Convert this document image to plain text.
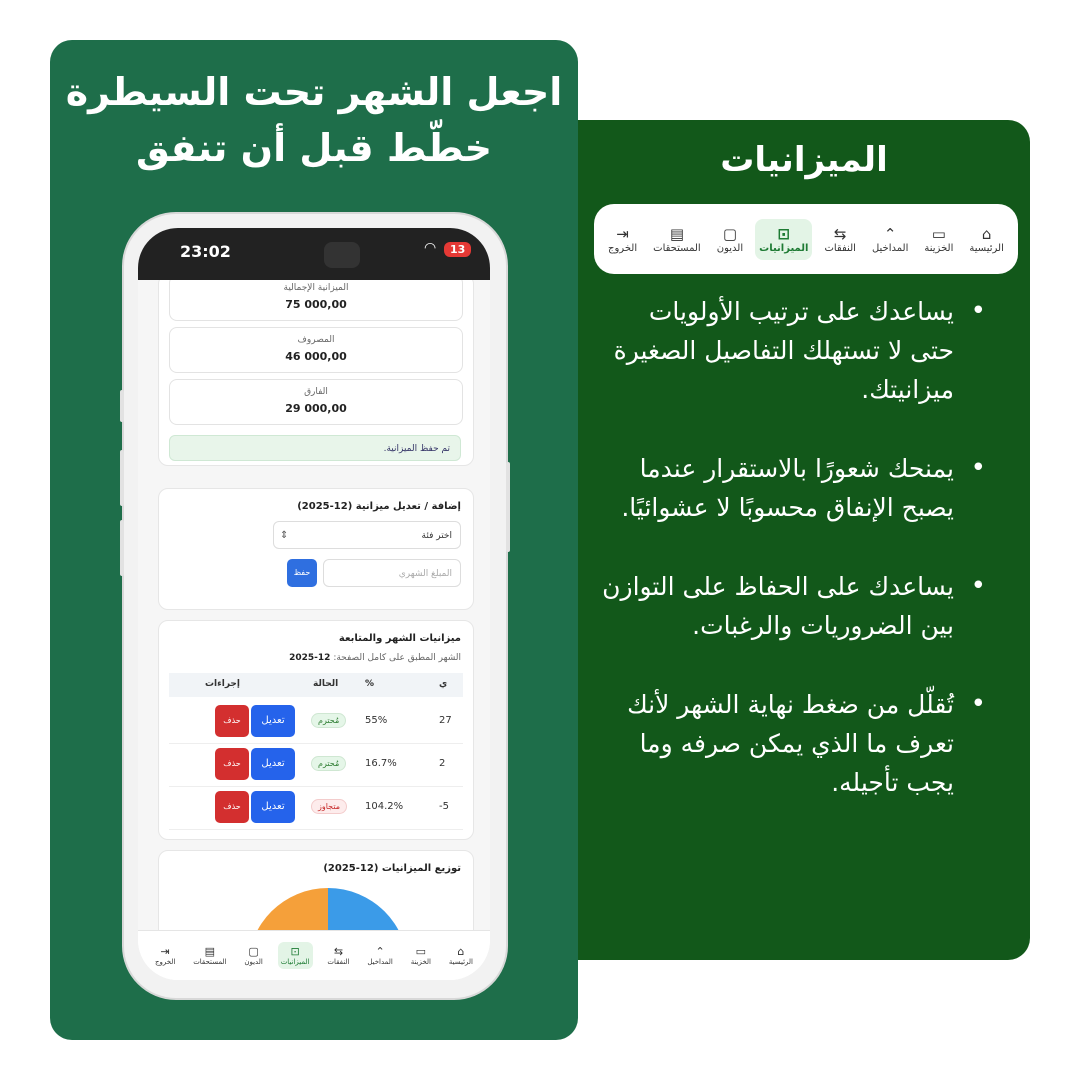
اجعل الشهر تحت السيطرة
خطّط قبل أن تنفق
23:02	◠	13
الميزانية الإجمالية
75 000,00
المصروف
46 000,00
الفارق
29 000,00
تم حفظ الميزانية.
إضافة / تعديل ميزانية (12-2025)
اختر فئة
⇕
المبلغ الشهري
حفظ
ميزانيات الشهر والمتابعة
الشهر المطبق على كامل الصفحة: 12-2025
ي
%
الحالة
إجراءات
27
55%
مُحترم
تعديل
حذف
2
16.7%
مُحترم
تعديل
حذف
-5
104.2%
متجاوز
تعديل
حذف
توزيع الميزانيات (12-2025)
⌂
الرئيسية
▭
الخزينة
⌃
المداخيل
⇆
النفقات
⊡
الميزانيات
▢
الديون
▤
المستحقات
⇥
الخروج
الميزانيات
⌂
الرئيسية
▭
الخزينة
⌃
المداخيل
⇆
النفقات
⊡
الميزانيات
▢
الديون
▤
المستحقات
⇥
الخروج
• يساعدك على ترتيب الأولويات حتى لا تستهلك التفاصيل الصغيرة ميزانيتك.
• يمنحك شعورًا بالاستقرار عندما يصبح الإنفاق محسوبًا لا عشوائيًا.
• يساعدك على الحفاظ على التوازن بين الضروريات والرغبات.
• تُقلّل من ضغط نهاية الشهر لأنك تعرف ما الذي يمكن صرفه وما يجب تأجيله.
